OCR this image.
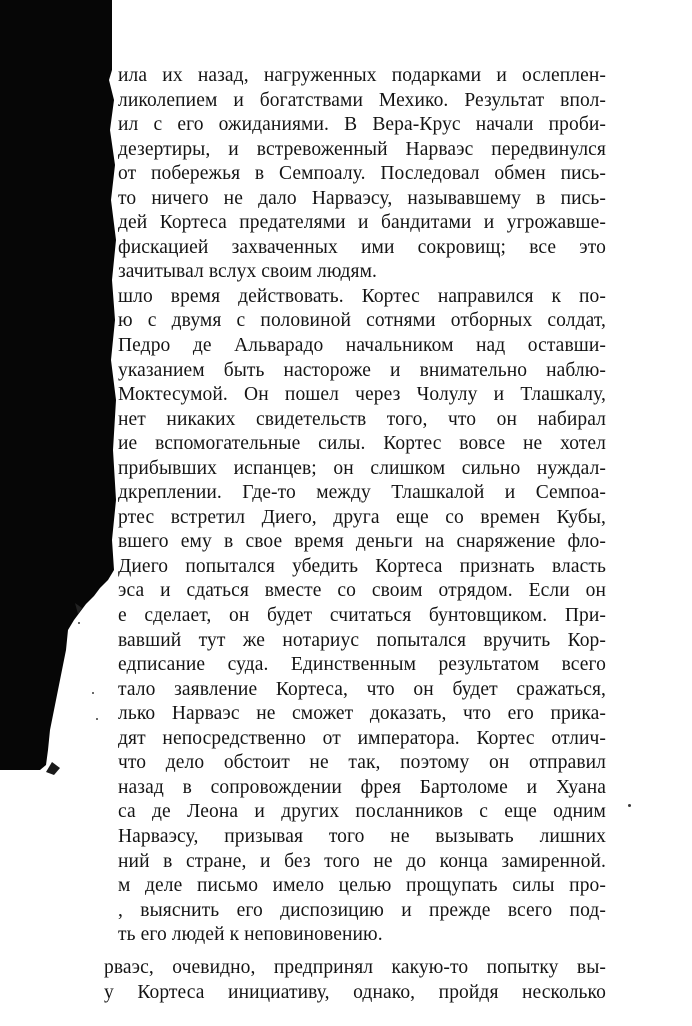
ила их назад, нагруженных подарками и ослеплен-
ликолепием и богатствами Мехико. Результат впол-
ил с его ожиданиями. В Вера-Крус начали проби-
дезертиры, и встревоженный Нарваэс передвинулся
от побережья в Семпоалу. Последовал обмен пись-
то ничего не дало Нарваэсу, называвшему в пись-
дей Кортеса предателями и бандитами и угрожавше-
фискацией захваченных ими сокровищ; все это
зачитывал вслух своим людям.
шло время действовать. Кортес направился к по-
ю с двумя с половиной сотнями отборных солдат,
Педро де Альварадо начальником над оставши-
указанием быть настороже и внимательно наблю-
Моктесумой. Он пошел через Чолулу и Тлашкалу,
нет никаких свидетельств того, что он набирал
ие вспомогательные силы. Кортес вовсе не хотел
прибывших испанцев; он слишком сильно нуждал-
дкреплении. Где-то между Тлашкалой и Семпоа-
ртес встретил Диего, друга еще со времен Кубы,
вшего ему в свое время деньги на снаряжение фло-
Диего попытался убедить Кортеса признать власть
эса и сдаться вместе со своим отрядом. Если он
е сделает, он будет считаться бунтовщиком. При-
вавший тут же нотариус попытался вручить Кор-
едписание суда. Единственным результатом всего
тало заявление Кортеса, что он будет сражаться,
лько Нарваэс не сможет доказать, что его прика-
дят непосредственно от императора. Кортес отлич-
что дело обстоит не так, поэтому он отправил
назад в сопровождении фрея Бартоломе и Хуана
са де Леона и других посланников с еще одним
Нарваэсу, призывая того не вызывать лишних
ний в стране, и без того не до конца замиренной.
м деле письмо имело целью прощупать силы про-
, выяснить его диспозицию и прежде всего под-
ть его людей к неповиновению.
рваэс, очевидно, предпринял какую-то попытку вы-
у Кортеса инициативу, однако, пройдя несколько
